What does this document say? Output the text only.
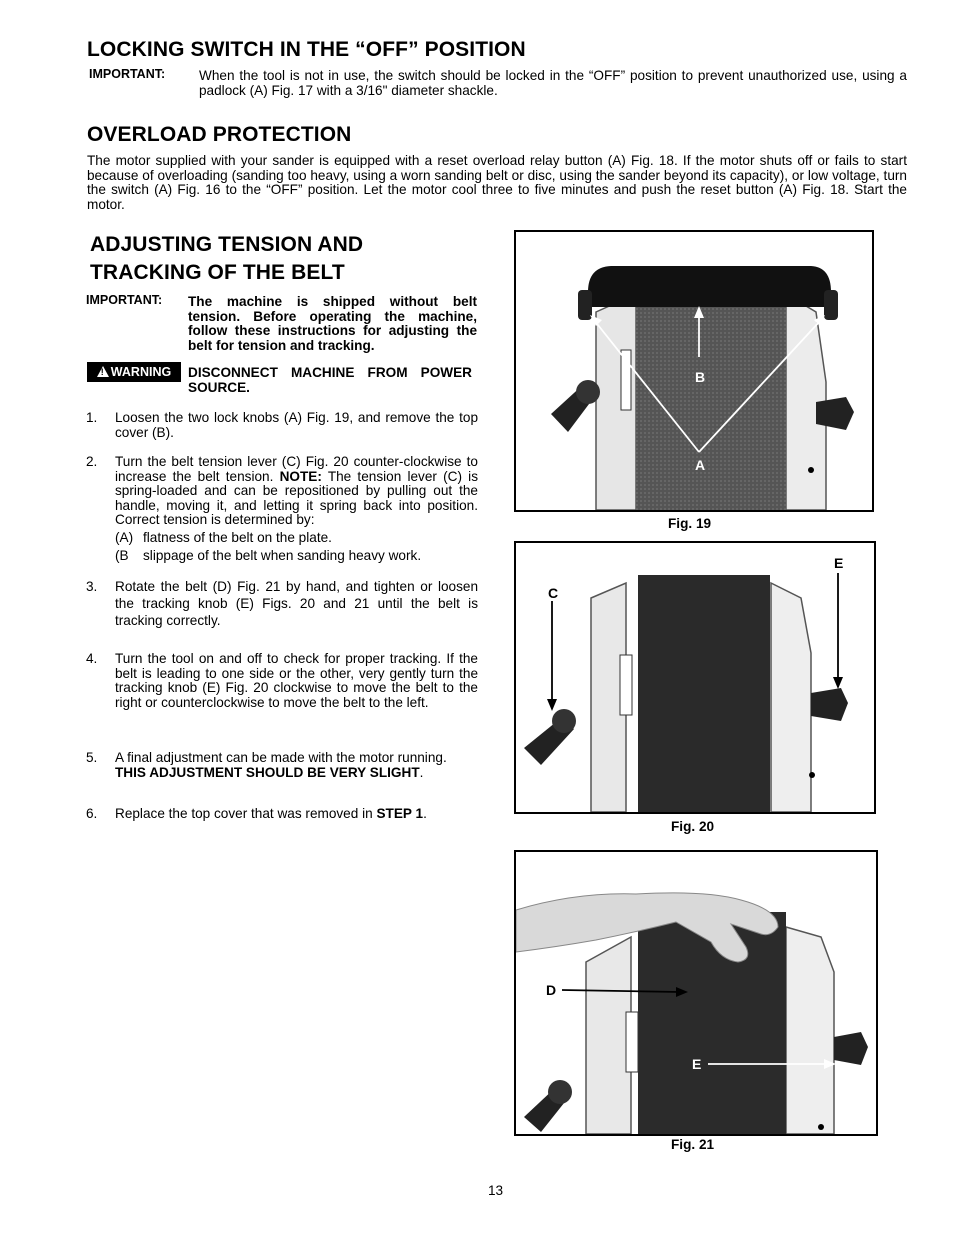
LOCKING SWITCH IN THE “OFF” POSITION
IMPORTANT: When the tool is not in use, the switch should be locked in the “OFF” position to prevent unauthorized use, using a padlock (A) Fig. 17 with a 3/16" diameter shackle.
OVERLOAD PROTECTION
The motor supplied with your sander is equipped with a reset overload relay button (A) Fig. 18. If the motor shuts off or fails to start because of overloading (sanding too heavy, using a worn sanding belt or disc, using the sander beyond its capacity), or low voltage, turn the switch (A) Fig. 16 to the “OFF” position. Let the motor cool three to five minutes and push the reset button (A) Fig. 18. Start the motor.
ADJUSTING TENSION AND
TRACKING OF THE BELT
IMPORTANT: The machine is shipped without belt tension. Before operating the machine, follow these instructions for adjusting the belt for tension and tracking.
!WARNING	DISCONNECT MACHINE FROM POWER SOURCE.
1. Loosen the two lock knobs (A) Fig. 19, and remove the top cover (B).
2. Turn the belt tension lever (C) Fig. 20 counter-clockwise to increase the belt tension. NOTE: The tension lever (C) is spring-loaded and can be repositioned by pulling out the handle, moving it, and letting it spring back into position. Correct tension is determined by:
(A) flatness of the belt on the plate.
(B slippage of the belt when sanding heavy work.
3. Rotate the belt (D) Fig. 21 by hand, and tighten or loosen the tracking knob (E) Figs. 20 and 21 until the belt is tracking correctly.
4. Turn the tool on and off to check for proper tracking. If the belt is leading to one side or the other, very gently turn the tracking knob (E) Fig. 20 clockwise to move the belt to the right or counterclockwise to move the belt to the left.
5. A final adjustment can be made with the motor running.
THIS ADJUSTMENT SHOULD BE VERY SLIGHT.
6. Replace the top cover that was removed in STEP 1.
B
A
Fig. 19
C
E
Fig. 20
D
E
Fig. 21
13
